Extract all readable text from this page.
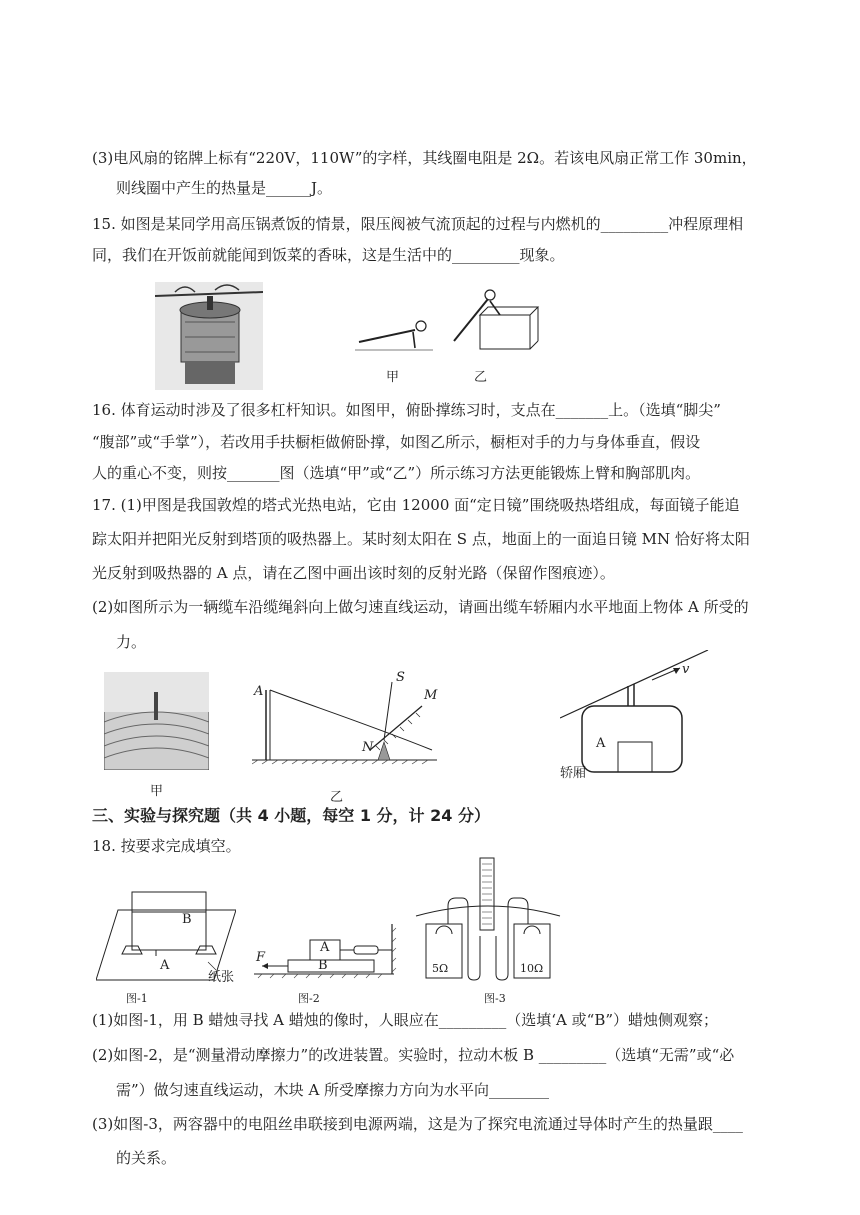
(3)电风扇的铭牌上标有“220V，110W”的字样，其线圈电阻是 2Ω。若该电风扇正常工作 30min，
则线圈中产生的热量是______J。
15. 如图是某同学用高压锅煮饭的情景，限压阀被气流顶起的过程与内燃机的_________冲程原理相
同，我们在开饭前就能闻到饭菜的香味，这是生活中的_________现象。
甲	乙
16. 体育运动时涉及了很多杠杆知识。如图甲，俯卧撑练习时，支点在_______上。（选填“脚尖”
“腹部”或“手掌”），若改用手扶橱柜做俯卧撑，如图乙所示，橱柜对手的力与身体垂直，假设
人的重心不变，则按_______图（选填“甲”或“乙”）所示练习方法更能锻炼上臂和胸部肌肉。
17. (1)甲图是我国敦煌的塔式光热电站，它由 12000 面“定日镜”围绕吸热塔组成，每面镜子能追
踪太阳并把阳光反射到塔顶的吸热器上。某时刻太阳在 S 点，地面上的一面追日镜 MN 恰好将太阳
光反射到吸热器的 A 点，请在乙图中画出该时刻的反射光路（保留作图痕迹）。
(2)如图所示为一辆缆车沿缆绳斜向上做匀速直线运动，请画出缆车轿厢内水平地面上物体 A 所受的
力。
甲
A
S
M
N
乙
v
A
轿厢
三、实验与探究题（共 4 小题，每空 1 分，计 24 分）
18. 按要求完成填空。
B
A
纸张
图-1
A
B
F
图-2
5Ω	10Ω
图-3
(1)如图-1，用 B 蜡烛寻找 A 蜡烛的像时，人眼应在_________（选填‘A 或“B”）蜡烛侧观察；
(2)如图-2，是“测量滑动摩擦力”的改进装置。实验时，拉动木板 B _________（选填“无需”或“必
需”）做匀速直线运动，木块 A 所受摩擦力方向为水平向________
(3)如图-3，两容器中的电阻丝串联接到电源两端，这是为了探究电流通过导体时产生的热量跟____
的关系。
